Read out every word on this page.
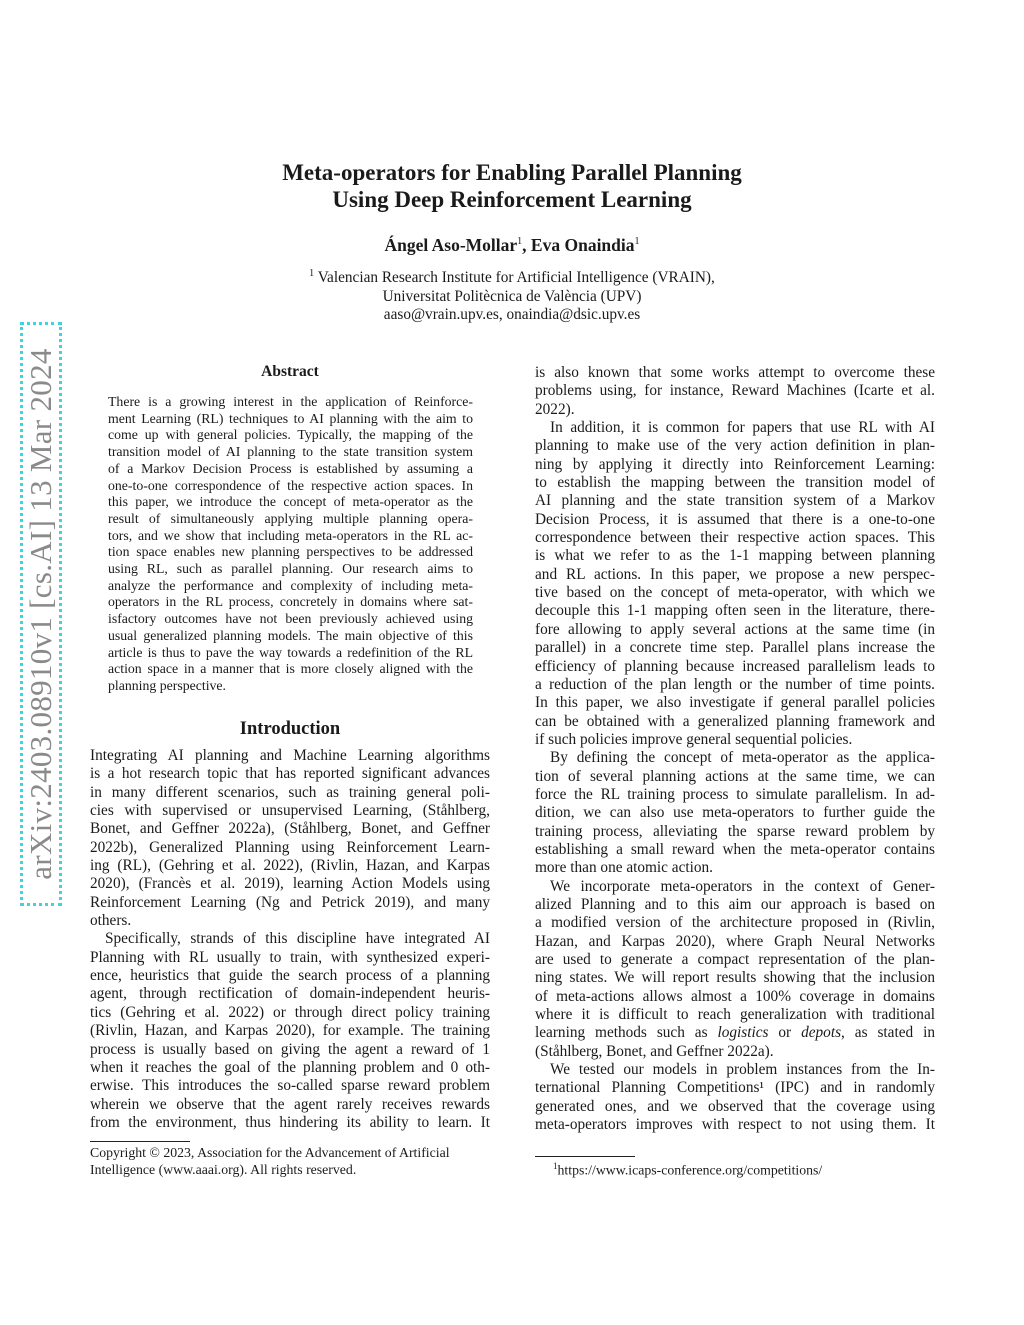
arXiv:2403.08910v1 [cs.AI] 13 Mar 2024
Meta-operators for Enabling Parallel Planning
Using Deep Reinforcement Learning
Ángel Aso-Mollar$^1$, Eva Onaindia$^1$
$^1$ Valencian Research Institute for Artificial Intelligence (VRAIN),
Universitat Politècnica de València (UPV)
aaso@vrain.upv.es, onaindia@dsic.upv.es
Abstract
There is a growing interest in the application of Reinforce-
ment Learning (RL) techniques to AI planning with the aim to
come up with general policies. Typically, the mapping of the
transition model of AI planning to the state transition system
of a Markov Decision Process is established by assuming a
one-to-one correspondence of the respective action spaces. In
this paper, we introduce the concept of meta-operator as the
result of simultaneously applying multiple planning opera-
tors, and we show that including meta-operators in the RL ac-
tion space enables new planning perspectives to be addressed
using RL, such as parallel planning. Our research aims to
analyze the performance and complexity of including meta-
operators in the RL process, concretely in domains where sat-
isfactory outcomes have not been previously achieved using
usual generalized planning models. The main objective of this
article is thus to pave the way towards a redefinition of the RL
action space in a manner that is more closely aligned with the
planning perspective.
Introduction
Integrating AI planning and Machine Learning algorithms
is a hot research topic that has reported significant advances
in many different scenarios, such as training general poli-
cies with supervised or unsupervised Learning, (Ståhlberg,
Bonet, and Geffner 2022a), (Ståhlberg, Bonet, and Geffner
2022b), Generalized Planning using Reinforcement Learn-
ing (RL), (Gehring et al. 2022), (Rivlin, Hazan, and Karpas
2020), (Francès et al. 2019), learning Action Models using
Reinforcement Learning (Ng and Petrick 2019), and many
others.
Specifically, strands of this discipline have integrated AI
Planning with RL usually to train, with synthesized experi-
ence, heuristics that guide the search process of a planning
agent, through rectification of domain-independent heuris-
tics (Gehring et al. 2022) or through direct policy training
(Rivlin, Hazan, and Karpas 2020), for example. The training
process is usually based on giving the agent a reward of 1
when it reaches the goal of the planning problem and 0 oth-
erwise. This introduces the so-called sparse reward problem
wherein we observe that the agent rarely receives rewards
from the environment, thus hindering its ability to learn. It
is also known that some works attempt to overcome these
problems using, for instance, Reward Machines (Icarte et al.
2022).
In addition, it is common for papers that use RL with AI
planning to make use of the very action definition in plan-
ning by applying it directly into Reinforcement Learning:
to establish the mapping between the transition model of
AI planning and the state transition system of a Markov
Decision Process, it is assumed that there is a one-to-one
correspondence between their respective action spaces. This
is what we refer to as the 1-1 mapping between planning
and RL actions. In this paper, we propose a new perspec-
tive based on the concept of meta-operator, with which we
decouple this 1-1 mapping often seen in the literature, there-
fore allowing to apply several actions at the same time (in
parallel) in a concrete time step. Parallel plans increase the
efficiency of planning because increased parallelism leads to
a reduction of the plan length or the number of time points.
In this paper, we also investigate if general parallel policies
can be obtained with a generalized planning framework and
if such policies improve general sequential policies.
By defining the concept of meta-operator as the applica-
tion of several planning actions at the same time, we can
force the RL training process to simulate parallelism. In ad-
dition, we can also use meta-operators to further guide the
training process, alleviating the sparse reward problem by
establishing a small reward when the meta-operator contains
more than one atomic action.
We incorporate meta-operators in the context of Gener-
alized Planning and to this aim our approach is based on
a modified version of the architecture proposed in (Rivlin,
Hazan, and Karpas 2020), where Graph Neural Networks
are used to generate a compact representation of the plan-
ning states. We will report results showing that the inclusion
of meta-actions allows almost a 100% coverage in domains
where it is difficult to reach generalization with traditional
learning methods such as logistics or depots, as stated in
(Ståhlberg, Bonet, and Geffner 2022a).
We tested our models in problem instances from the In-
ternational Planning Competitions¹ (IPC) and in randomly
generated ones, and we observed that the coverage using
meta-operators improves with respect to not using them. It
Copyright © 2023, Association for the Advancement of Artificial
Intelligence (www.aaai.org). All rights reserved.	$^1$https://www.icaps-conference.org/competitions/
